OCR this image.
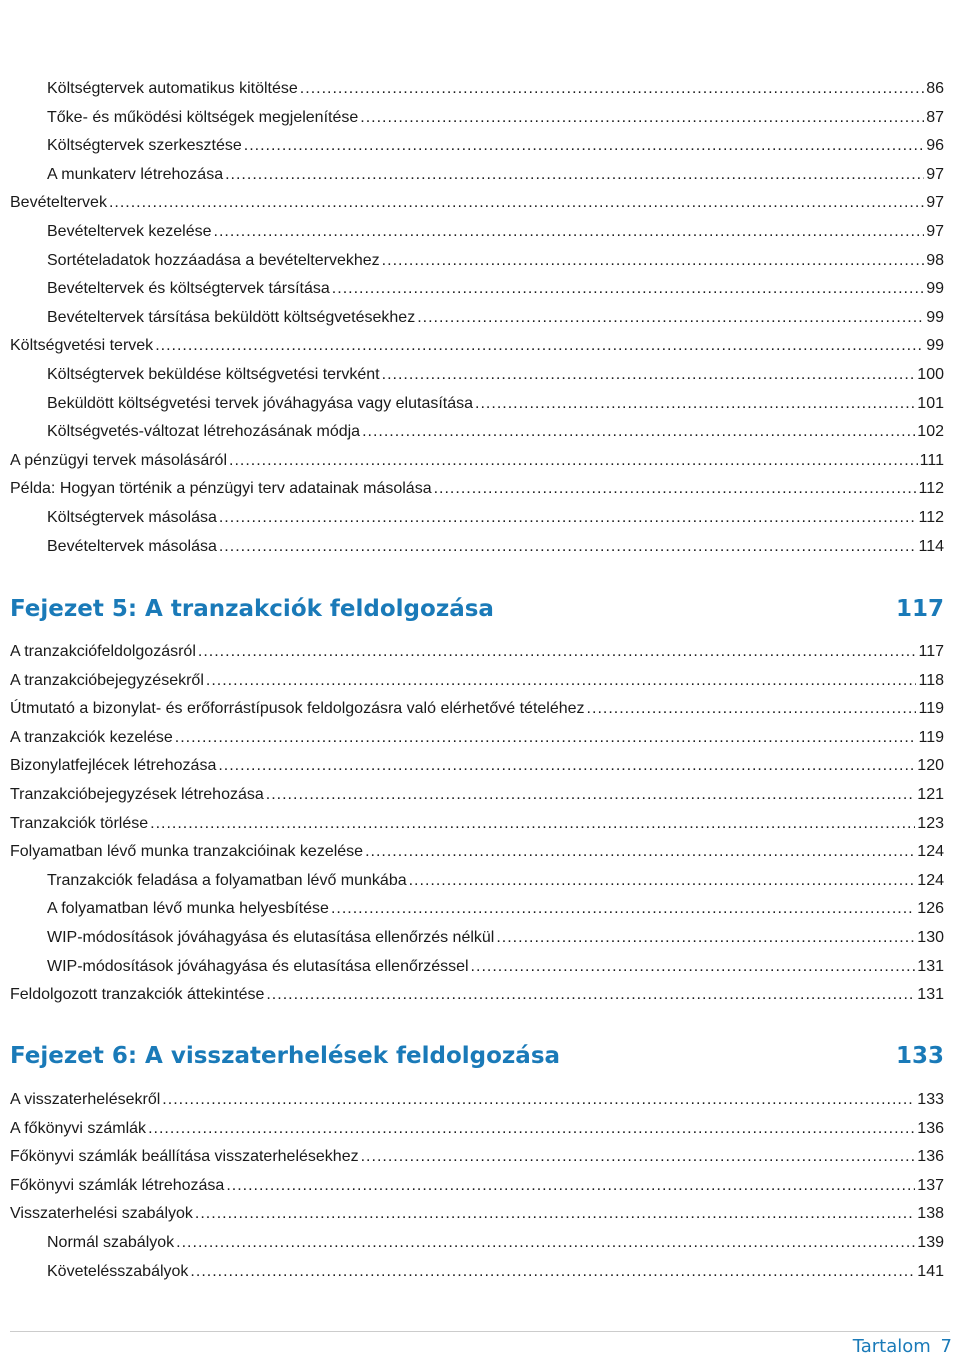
Költségtervek automatikus kitöltése .....	86
Tőke- és működési költségek megjelenítése .....	87
Költségtervek szerkesztése .....	96
A munkaterv létrehozása .....	97
Bevételtervek .....	97
Bevételtervek kezelése .....	97
Sortételadatok hozzáadása a bevételtervekhez .....	98
Bevételtervek és költségtervek társítása .....	99
Bevételtervek társítása beküldött költségvetésekhez .....	99
Költségvetési tervek .....	99
Költségtervek beküldése költségvetési tervként .....	100
Beküldött költségvetési tervek jóváhagyása vagy elutasítása .....	101
Költségvetés-változat létrehozásának módja .....	102
A pénzügyi tervek másolásáról .....	111
Példa: Hogyan történik a pénzügyi terv adatainak másolása .....	112
Költségtervek másolása .....	112
Bevételtervek másolása .....	114
Fejezet 5: A tranzakciók feldolgozása	117
A tranzakciófeldolgozásról .....	117
A tranzakcióbejegyzésekről .....	118
Útmutató a bizonylat- és erőforrástípusok feldolgozásra való elérhetővé tételéhez .....	119
A tranzakciók kezelése .....	119
Bizonylatfejlécek létrehozása .....	120
Tranzakcióbejegyzések létrehozása .....	121
Tranzakciók törlése .....	123
Folyamatban lévő munka tranzakcióinak kezelése .....	124
Tranzakciók feladása a folyamatban lévő munkába .....	124
A folyamatban lévő munka helyesbítése .....	126
WIP-módosítások jóváhagyása és elutasítása ellenőrzés nélkül .....	130
WIP-módosítások jóváhagyása és elutasítása ellenőrzéssel .....	131
Feldolgozott tranzakciók áttekintése .....	131
Fejezet 6: A visszaterhelések feldolgozása	133
A visszaterhelésekről .....	133
A főkönyvi számlák .....	136
Főkönyvi számlák beállítása visszaterhelésekhez .....	136
Főkönyvi számlák létrehozása .....	137
Visszaterhelési szabályok .....	138
Normál szabályok .....	139
Követelésszabályok .....	141
Tartalom 7
